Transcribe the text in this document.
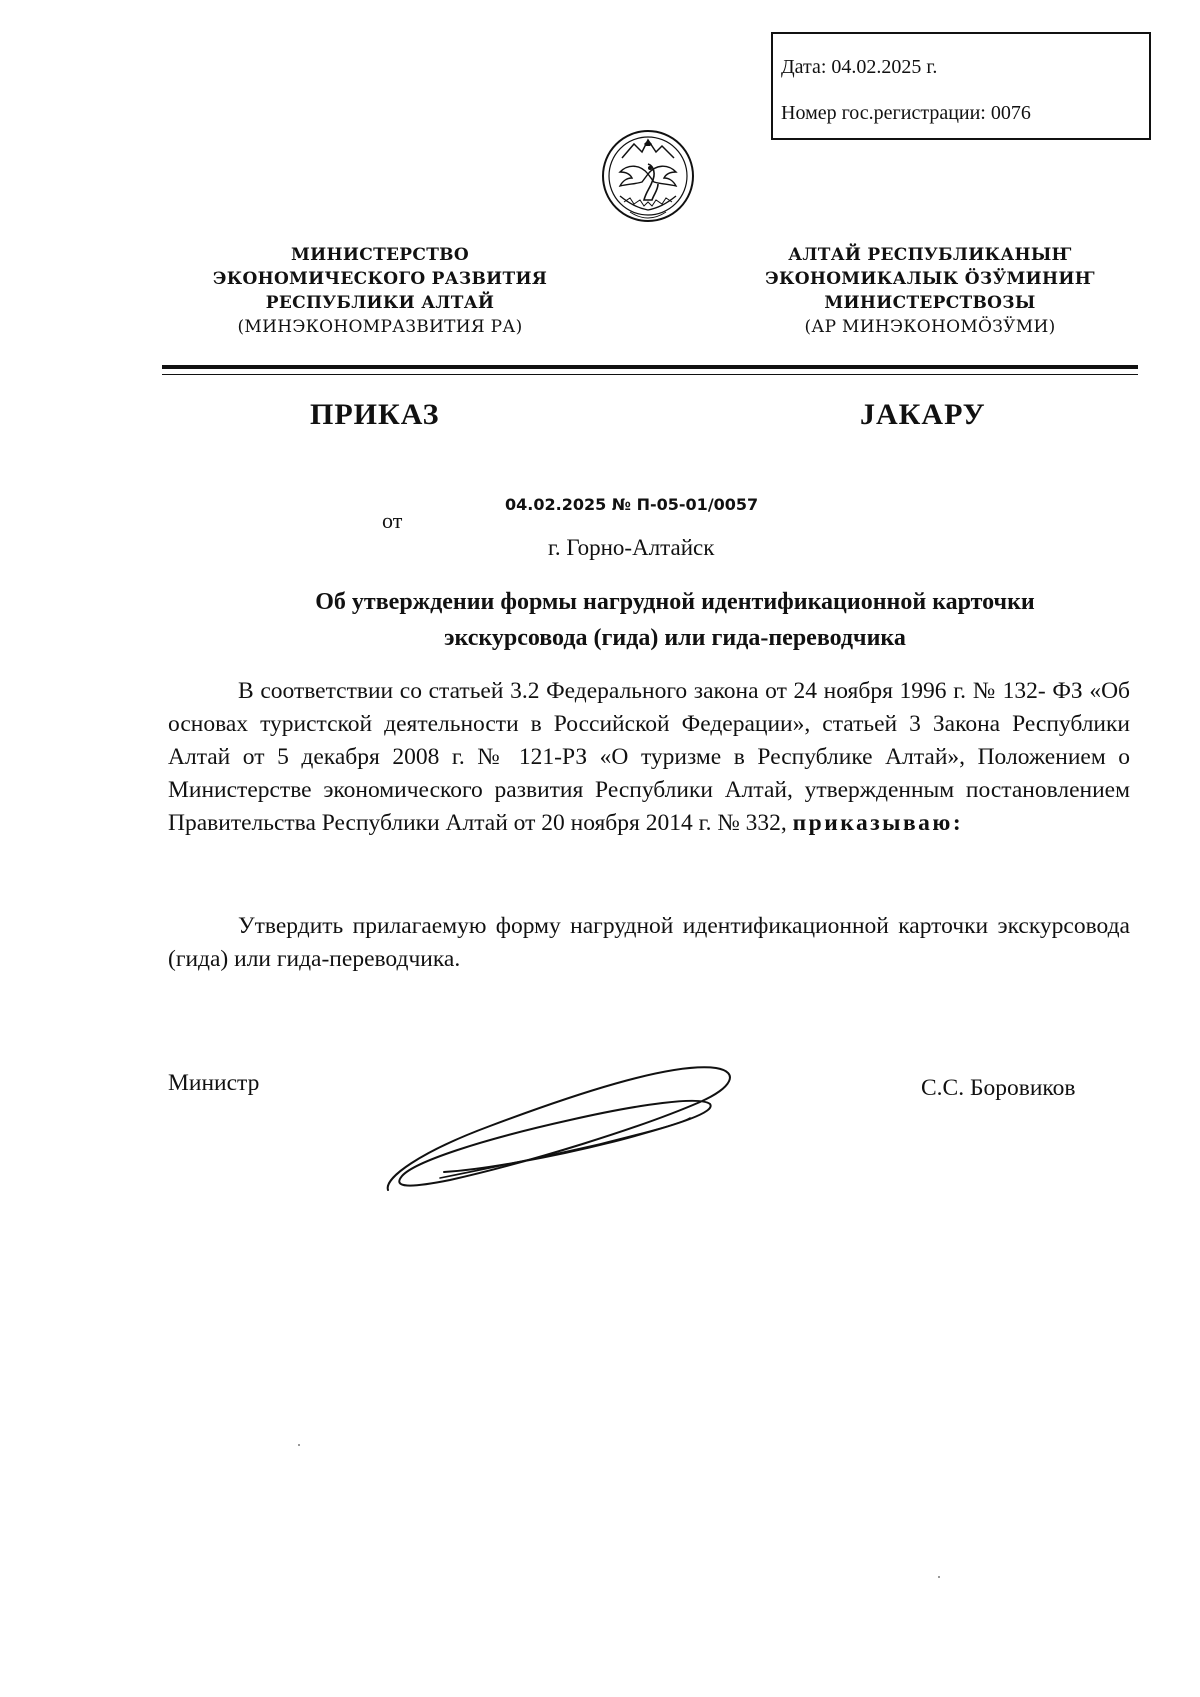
Дата: 04.02.2025 г.
Номер гос.регистрации: 0076
МИНИСТЕРСТВО
ЭКОНОМИЧЕСКОГО РАЗВИТИЯ
РЕСПУБЛИКИ АЛТАЙ
(МИНЭКОНОМРАЗВИТИЯ РА)
АЛТАЙ РЕСПУБЛИКАНЫҤ
ЭКОНОМИКАЛЫК ÖЗӰМИНИҤ
МИНИСТЕРСТВОЗЫ
(АР МИНЭКОНОМÖЗӰМИ)
ПРИКАЗ	JАКАРУ
от
04.02.2025 № П-05-01/0057
г. Горно-Алтайск
Об утверждении формы нагрудной идентификационной карточки
экскурсовода (гида) или гида-переводчика
В соответствии со статьей 3.2 Федерального закона от 24 ноября 1996 г. № 132- ФЗ «Об основах туристской деятельности в Российской Федерации», статьей 3 Закона Республики Алтай от 5 декабря 2008 г. № 121-РЗ «О туризме в Республике Алтай», Положением о Министерстве экономического развития Республики Алтай, утвержденным постановлением Правительства Республики Алтай от 20 ноября 2014 г. № 332, приказываю:
Утвердить прилагаемую форму нагрудной идентификационной карточки экскурсовода (гида) или гида-переводчика.
Министр	С.С. Боровиков
